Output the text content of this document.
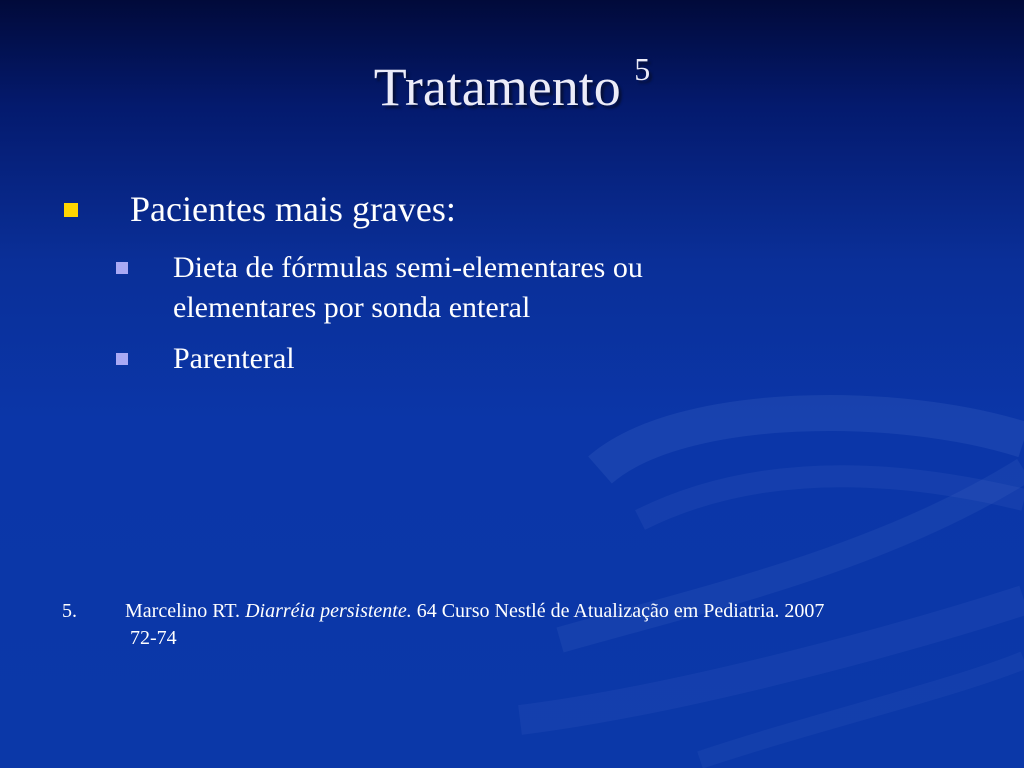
Tratamento $^5$
Pacientes mais graves:
Dieta de fórmulas semi-elementares ou
elementares por sonda enteral
Parenteral
5. Marcelino RT. Diarréia persistente. 64 Curso Nestlé de Atualização em Pediatria. 2007
72-74
